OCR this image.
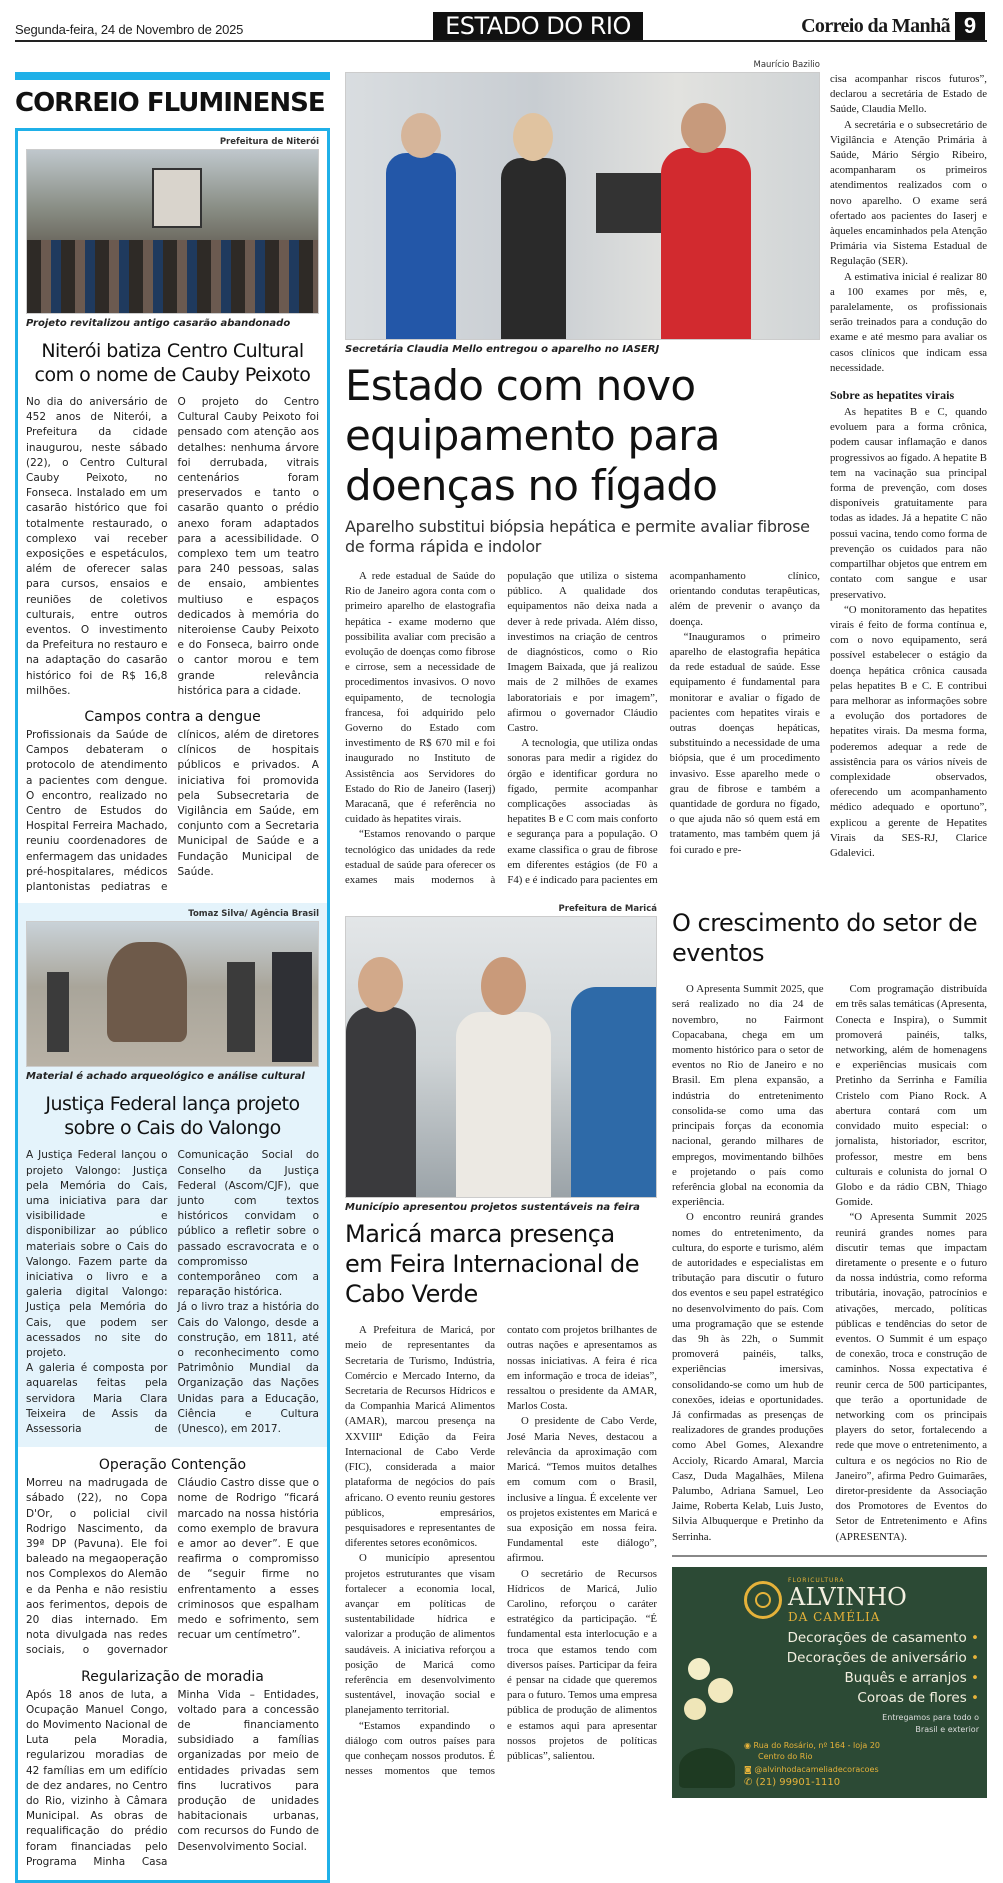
Segunda-feira, 24 de Novembro de 2025	ESTADO DO RIO	Correio da Manhã 9
CORREIO FLUMINENSE
Prefeitura de Niterói
Projeto revitalizou antigo casarão abandonado
Niterói batiza Centro Cultural com o nome de Cauby Peixoto

No dia do aniversário de 452 anos de Niterói, a Prefeitura da cidade inaugurou, neste sábado (22), o Centro Cultural Cauby Peixoto, no Fonseca. Instalado em um casarão histórico que foi totalmente restaurado, o complexo vai receber exposições e espetáculos, além de oferecer salas para cursos, ensaios e reuniões de coletivos culturais, entre outros eventos. O investimento da Prefeitura no restauro e na adaptação do casarão histórico foi de R$ 16,8 milhões.

O projeto do Centro Cultural Cauby Peixoto foi pensado com atenção aos detalhes: nenhuma árvore foi derrubada, vitrais centenários foram preservados e tanto o casarão quanto o prédio anexo foram adaptados para a acessibilidade. O complexo tem um teatro para 240 pessoas, salas de ensaio, ambientes multiuso e espaços dedicados à memória do niteroiense Cauby Peixoto e do Fonseca, bairro onde o cantor morou e tem grande relevância histórica para a cidade.

Campos contra a dengue

Profissionais da Saúde de Campos debateram o protocolo de atendimento a pacientes com dengue. O encontro, realizado no Centro de Estudos do Hospital Ferreira Machado, reuniu coordenadores de enfermagem das unidades pré-hospitalares, médicos plantonistas pediatras e clínicos, além de diretores clínicos de hospitais públicos e privados. A iniciativa foi promovida pela Subsecretaria de Vigilância em Saúde, em conjunto com a Secretaria Municipal de Saúde e a Fundação Municipal de Saúde.

Tomaz Silva/ Agência Brasil
Material é achado arqueológico e análise cultural
Justiça Federal lança projeto sobre o Cais do Valongo

A Justiça Federal lançou o projeto Valongo: Justiça pela Memória do Cais, uma iniciativa para dar visibilidade e disponibilizar ao público materiais sobre o Cais do Valongo. Fazem parte da iniciativa o livro e a galeria digital Valongo: Justiça pela Memória do Cais, que podem ser acessados no site do projeto.

A galeria é composta por aquarelas feitas pela servidora Maria Clara Teixeira de Assis da Assessoria de Comunicação Social do Conselho da Justiça Federal (Ascom/CJF), que junto com textos históricos convidam o público a refletir sobre o passado escravocrata e o compromisso contemporâneo com a reparação histórica.

Já o livro traz a história do Cais do Valongo, desde a construção, em 1811, até o reconhecimento como Patrimônio Mundial da Organização das Nações Unidas para a Educação, Ciência e Cultura (Unesco), em 2017.

Operação Contenção

Morreu na madrugada de sábado (22), no Copa D'Or, o policial civil Rodrigo Nascimento, da 39ª DP (Pavuna). Ele foi baleado na megaoperação nos Complexos do Alemão e da Penha e não resistiu aos ferimentos, depois de 20 dias internado. Em nota divulgada nas redes sociais, o governador Cláudio Castro disse que o nome de Rodrigo “ficará marcado na nossa história como exemplo de bravura e amor ao dever”. E que reafirma o compromisso de “seguir firme no enfrentamento a esses criminosos que espalham medo e sofrimento, sem recuar um centímetro”.

Regularização de moradia

Após 18 anos de luta, a Ocupação Manuel Congo, do Movimento Nacional de Luta pela Moradia, regularizou moradias de 42 famílias em um edifício de dez andares, no Centro do Rio, vizinho à Câmara Municipal. As obras de requalificação do prédio foram financiadas pelo Programa Minha Casa Minha Vida – Entidades, voltado para a concessão de financiamento subsidiado a famílias organizadas por meio de entidades privadas sem fins lucrativos para produção de unidades habitacionais urbanas, com recursos do Fundo de Desenvolvimento Social.

Maurício Bazilio
Secretária Claudia Mello entregou o aparelho no IASERJ
Estado com novo equipamento para doenças no fígado
Aparelho substitui biópsia hepática e permite avaliar fibrose de forma rápida e indolor

A rede estadual de Saúde do Rio de Janeiro agora conta com o primeiro aparelho de elastografia hepática - exame moderno que possibilita avaliar com precisão a evolução de doenças como fibrose e cirrose, sem a necessidade de procedimentos invasivos. O novo equipamento, de tecnologia francesa, foi adquirido pelo Governo do Estado com investimento de R$ 670 mil e foi inaugurado no Instituto de Assistência aos Servidores do Estado do Rio de Janeiro (Iaserj) Maracanã, que é referência no cuidado às hepatites virais.

“Estamos renovando o parque tecnológico das unidades da rede estadual de saúde para oferecer os exames mais modernos à população que utiliza o sistema público. A qualidade dos equipamentos não deixa nada a dever à rede privada. Além disso, investimos na criação de centros de diagnósticos, como o Rio Imagem Baixada, que já realizou mais de 2 milhões de exames laboratoriais e por imagem”, afirmou o governador Cláudio Castro.

A tecnologia, que utiliza ondas sonoras para medir a rigidez do órgão e identificar gordura no fígado, permite acompanhar complicações associadas às hepatites B e C com mais conforto e segurança para a população. O exame classifica o grau de fibrose em diferentes estágios (de F0 a F4) e é indicado para pacientes em acompanhamento clínico, orientando condutas terapêuticas, além de prevenir o avanço da doença.

“Inauguramos o primeiro aparelho de elastografia hepática da rede estadual de saúde. Esse equipamento é fundamental para monitorar e avaliar o fígado de pacientes com hepatites virais e outras doenças hepáticas, substituindo a necessidade de uma biópsia, que é um procedimento invasivo. Esse aparelho mede o grau de fibrose e também a quantidade de gordura no fígado, o que ajuda não só quem está em tratamento, mas também quem já foi curado e pre-

cisa acompanhar riscos futuros”, declarou a secretária de Estado de Saúde, Claudia Mello.

A secretária e o subsecretário de Vigilância e Atenção Primária à Saúde, Mário Sérgio Ribeiro, acompanharam os primeiros atendimentos realizados com o novo aparelho. O exame será ofertado aos pacientes do Iaserj e àqueles encaminhados pela Atenção Primária via Sistema Estadual de Regulação (SER).

A estimativa inicial é realizar 80 a 100 exames por mês, e, paralelamente, os profissionais serão treinados para a condução do exame e até mesmo para avaliar os casos clínicos que indicam essa necessidade.

Sobre as hepatites virais

As hepatites B e C, quando evoluem para a forma crônica, podem causar inflamação e danos progressivos ao fígado. A hepatite B tem na vacinação sua principal forma de prevenção, com doses disponíveis gratuitamente para todas as idades. Já a hepatite C não possui vacina, tendo como forma de prevenção os cuidados para não compartilhar objetos que entrem em contato com sangue e usar preservativo.

“O monitoramento das hepatites virais é feito de forma contínua e, com o novo equipamento, será possível estabelecer o estágio da doença hepática crônica causada pelas hepatites B e C. E contribui para melhorar as informações sobre a evolução dos portadores de hepatites virais. Da mesma forma, poderemos adequar a rede de assistência para os vários níveis de complexidade observados, oferecendo um acompanhamento médico adequado e oportuno”, explicou a gerente de Hepatites Virais da SES-RJ, Clarice Gdalevici.

Prefeitura de Maricá
Município apresentou projetos sustentáveis na feira
Maricá marca presença em Feira Internacional de Cabo Verde

A Prefeitura de Maricá, por meio de representantes da Secretaria de Turismo, Indústria, Comércio e Mercado Interno, da Secretaria de Recursos Hídricos e da Companhia Maricá Alimentos (AMAR), marcou presença na XXVIIIª Edição da Feira Internacional de Cabo Verde (FIC), considerada a maior plataforma de negócios do país africano. O evento reuniu gestores públicos, empresários, pesquisadores e representantes de diferentes setores econômicos.

O município apresentou projetos estruturantes que visam fortalecer a economia local, avançar em políticas de sustentabilidade hídrica e valorizar a produção de alimentos saudáveis. A iniciativa reforçou a posição de Maricá como referência em desenvolvimento sustentável, inovação social e planejamento territorial.

“Estamos expandindo o diálogo com outros países para que conheçam nossos produtos. É nesses momentos que temos contato com projetos brilhantes de outras nações e apresentamos as nossas iniciativas. A feira é rica em informação e troca de ideias”, ressaltou o presidente da AMAR, Marlos Costa.

O presidente de Cabo Verde, José Maria Neves, destacou a relevância da aproximação com Maricá. “Temos muitos detalhes em comum com o Brasil, inclusive a língua. É excelente ver os projetos existentes em Maricá e sua exposição em nossa feira. Fundamental este diálogo”, afirmou.

O secretário de Recursos Hídricos de Maricá, Julio Carolino, reforçou o caráter estratégico da participação. “É fundamental esta interlocução e a troca que estamos tendo com diversos países. Participar da feira é pensar na cidade que queremos para o futuro. Temos uma empresa pública de produção de alimentos e estamos aqui para apresentar nossos projetos de políticas públicas”, salientou.

O crescimento do setor de eventos

O Apresenta Summit 2025, que será realizado no dia 24 de novembro, no Fairmont Copacabana, chega em um momento histórico para o setor de eventos no Rio de Janeiro e no Brasil. Em plena expansão, a indústria do entretenimento consolida-se como uma das principais forças da economia nacional, gerando milhares de empregos, movimentando bilhões e projetando o país como referência global na economia da experiência.

O encontro reunirá grandes nomes do entretenimento, da cultura, do esporte e turismo, além de autoridades e especialistas em tributação para discutir o futuro dos eventos e seu papel estratégico no desenvolvimento do país. Com uma programação que se estende das 9h às 22h, o Summit promoverá painéis, talks, experiências imersivas, consolidando-se como um hub de conexões, ideias e oportunidades. Já confirmadas as presenças de realizadores de grandes produções como Abel Gomes, Alexandre Accioly, Ricardo Amaral, Marcia Casz, Duda Magalhães, Milena Palumbo, Adriana Samuel, Leo Jaime, Roberta Kelab, Luis Justo, Silvia Albuquerque e Pretinho da Serrinha.

Com programação distribuída em três salas temáticas (Apresenta, Conecta e Inspira), o Summit promoverá painéis, talks, networking, além de homenagens e experiências musicais com Pretinho da Serrinha e Família Cristelo com Piano Rock. A abertura contará com um convidado muito especial: o jornalista, historiador, escritor, professor, mestre em bens culturais e colunista do jornal O Globo e da rádio CBN, Thiago Gomide.

“O Apresenta Summit 2025 reunirá grandes nomes para discutir temas que impactam diretamente o presente e o futuro da nossa indústria, como reforma tributária, inovação, patrocínios e ativações, mercado, políticas públicas e tendências do setor de eventos. O Summit é um espaço de conexão, troca e construção de caminhos. Nossa expectativa é reunir cerca de 500 participantes, que terão a oportunidade de networking com os principais players do setor, fortalecendo a rede que move o entretenimento, a cultura e os negócios no Rio de Janeiro”, afirma Pedro Guimarães, diretor-presidente da Associação dos Promotores de Eventos do Setor de Entretenimento e Afins (APRESENTA).

FLORICULTURA
ALVINHO
DA CAMÉLIA
Decorações de casamento •
Decorações de aniversário •
Buquês e arranjos •
Coroas de flores •
Entregamos para todo o
Brasil e exterior
◉ Rua do Rosário, nº 164 - loja 20
Centro do Rio
◙ @alvinhodacameliadecoracoes
✆ (21) 99901-1110
